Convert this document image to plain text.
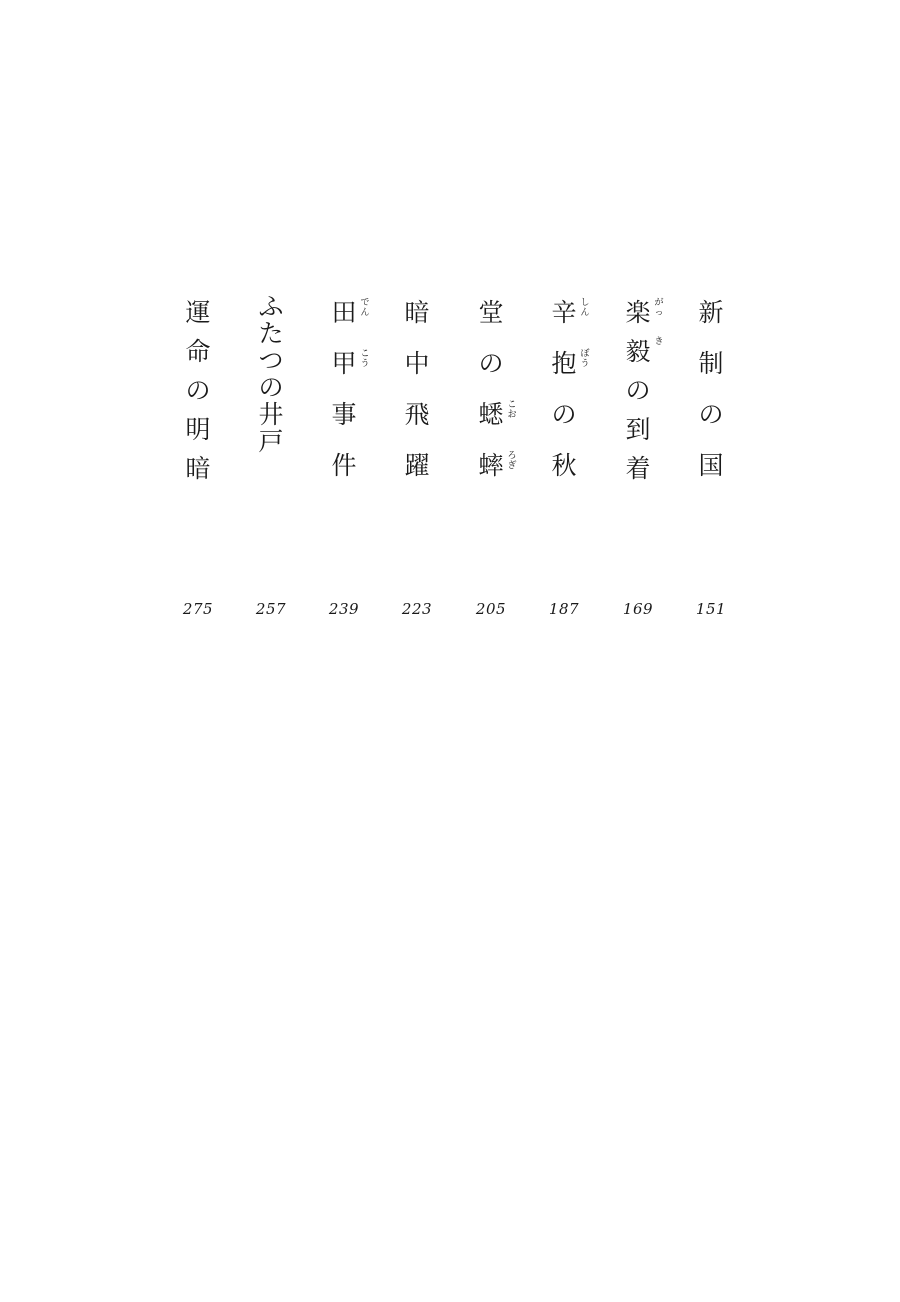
新
制
の
国
151
楽 が
っ
毅 き
の
到
着
169
辛 し
ん
抱 ぼ
う
の
秋
187
堂
の
蟋 こ
お
蟀 ろ
ぎ
205
暗
中
飛
躍
223
田 で
ん
甲 こ
う
事
件
239
ふ
た
つ
の
井
戸
257
運
命
の
明
暗
275
